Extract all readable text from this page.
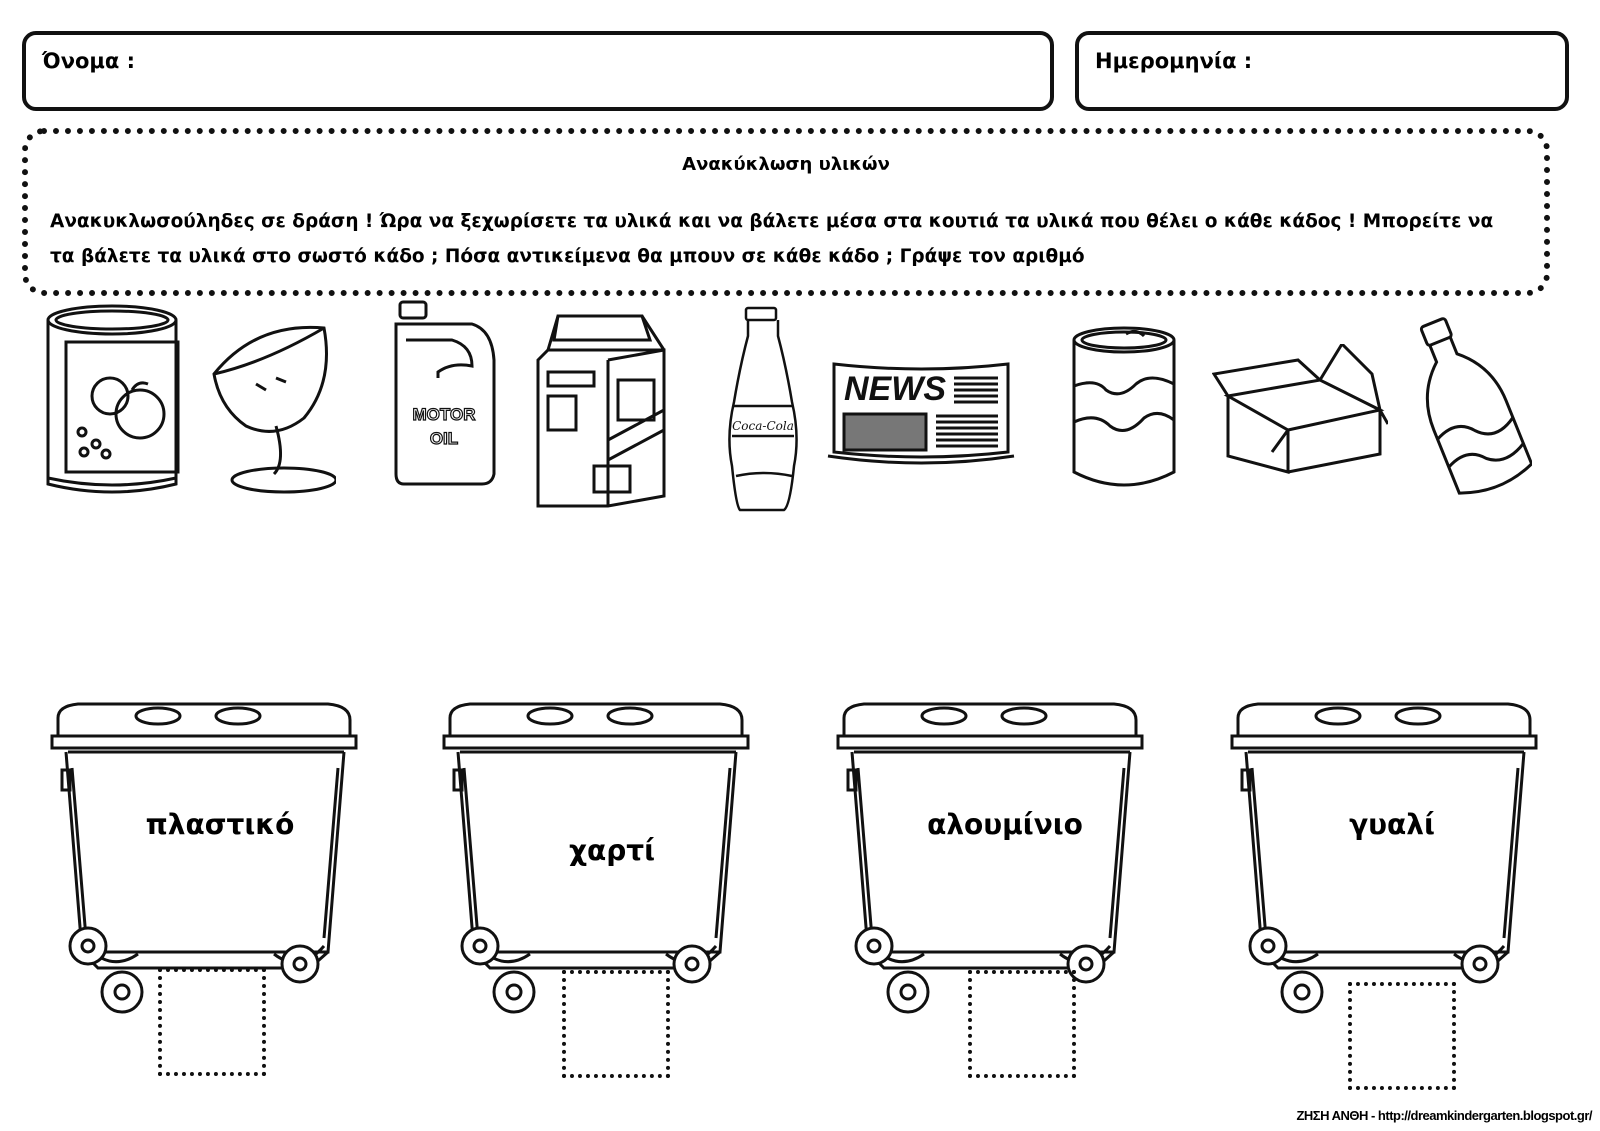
Όνομα :	Ημερομηνία :
Ανακύκλωση υλικών
Ανακυκλωσούληδες σε δράση ! Ώρα να ξεχωρίσετε τα υλικά και να βάλετε μέσα στα κουτιά τα υλικά που θέλει ο κάθε κάδος ! Μπορείτε να τα βάλετε τα υλικά στο σωστό κάδο ; Πόσα αντικείμενα θα μπουν σε κάθε κάδο ; Γράψε τον αριθμό
MOTOR
OIL
Coca-Cola
NEWS
πλαστικό
χαρτί
αλουμίνιο	γυαλί
ΖΗΣΗ ΑΝΘΗ - http://dreamkindergarten.blogspot.gr/
